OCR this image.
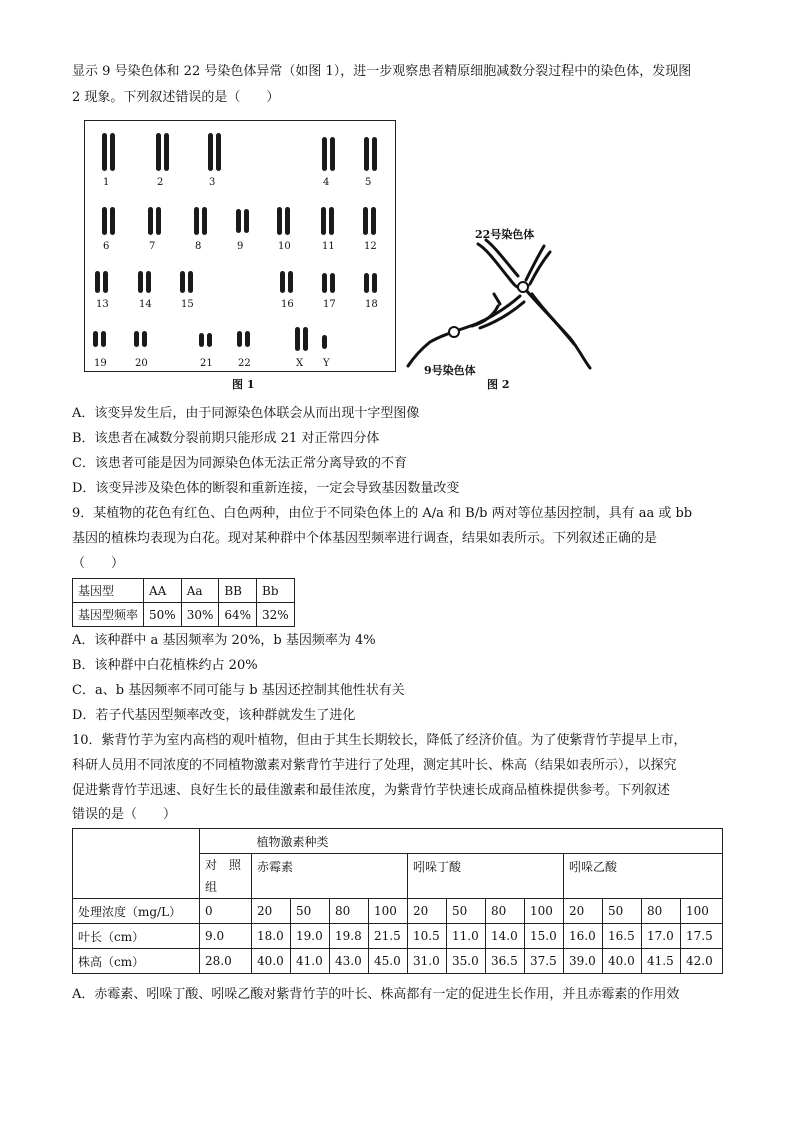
显示 9 号染色体和 22 号染色体异常（如图 1），进一步观察患者精原细胞减数分裂过程中的染色体，发现图
2 现象。下列叙述错误的是（　　）
1	2	3	4	5
6	7	8	9	10	11	12
13	14	15	16	17	18
19	20	21	22	X Y
图 1
22号染色体
9号染色体
图 2
A．该变异发生后，由于同源染色体联会从而出现十字型图像
B．该患者在减数分裂前期只能形成 21 对正常四分体
C．该患者可能是因为同源染色体无法正常分离导致的不育
D．该变异涉及染色体的断裂和重新连接，一定会导致基因数量改变
9．某植物的花色有红色、白色两种，由位于不同染色体上的 A/a 和 B/b 两对等位基因控制，具有 aa 或 bb
基因的植株均表现为白花。现对某种群中个体基因型频率进行调查，结果如表所示。下列叙述正确的是
（　　）
基因型	AA	Aa	BB	Bb
基因型频率	50%	30%	64%	32%
A．该种群中 a 基因频率为 20%，b 基因频率为 4%
B．该种群中白花植株约占 20%
C．a、b 基因频率不同可能与 b 基因还控制其他性状有关
D．若子代基因型频率改变，该种群就发生了进化
10．紫背竹芋为室内高档的观叶植物，但由于其生长期较长，降低了经济价值。为了使紫背竹芋提早上市，
科研人员用不同浓度的不同植物激素对紫背竹芋进行了处理，测定其叶长、株高（结果如表所示），以探究
促进紫背竹芋迅速、良好生长的最佳激素和最佳浓度，为紫背竹芋快速长成商品植株提供参考。下列叙述
错误的是（　　）
		植物激素种类											

	对　照
组	赤霉素				吲哚丁酸				吲哚乙酸			

处理浓度（mg/L）	0	20	50	80	100	20	50	80	100	20	50	80	100
叶长（cm）	9.0	18.0	19.0	19.8	21.5	10.5	11.0	14.0	15.0	16.0	16.5	17.0	17.5
株高（cm）	28.0	40.0	41.0	43.0	45.0	31.0	35.0	36.5	37.5	39.0	40.0	41.5	42.0
A．赤霉素、吲哚丁酸、吲哚乙酸对紫背竹芋的叶长、株高都有一定的促进生长作用，并且赤霉素的作用效
